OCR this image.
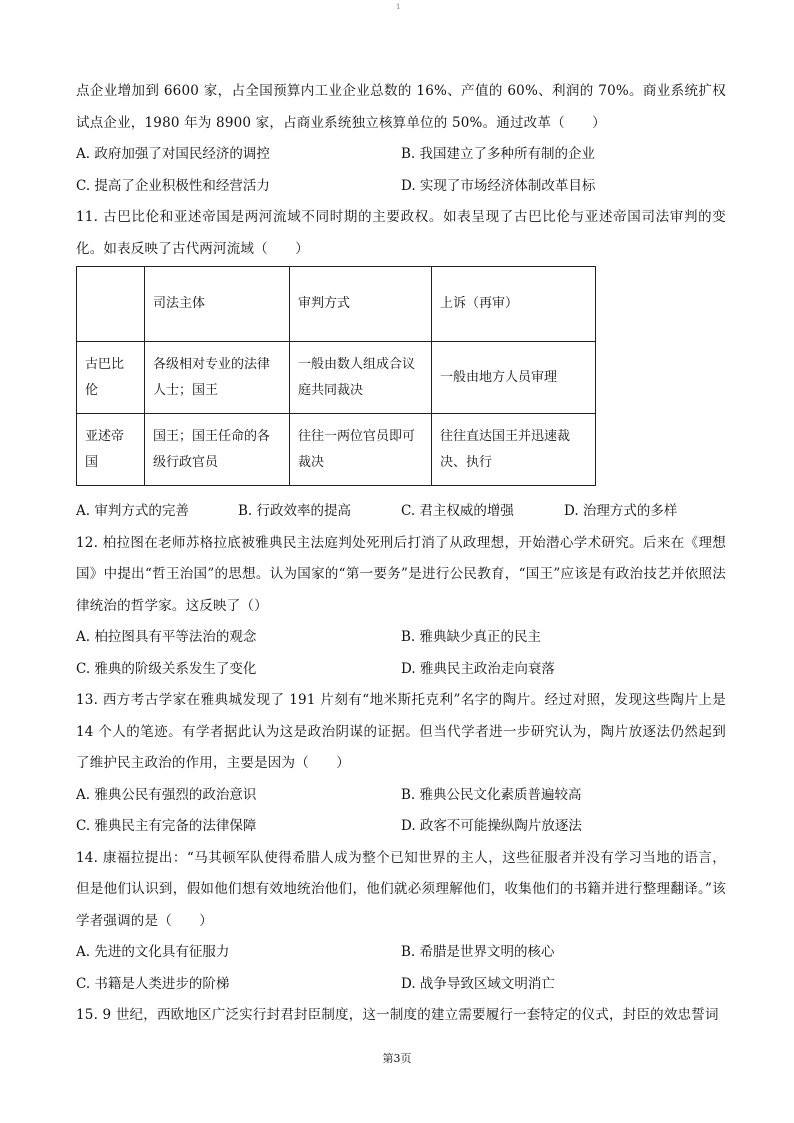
1

点企业增加到 6600 家，占全国预算内工业企业总数的 16%、产值的 60%、利润的 70%。商业系统扩权试点企业，1980 年为 8900 家，占商业系统独立核算单位的 50%。通过改革（　　）

A. 政府加强了对国民经济的调控	B. 我国建立了多种所有制的企业
C. 提高了企业积极性和经营活力	D. 实现了市场经济体制改革目标

11. 古巴比伦和亚述帝国是两河流域不同时期的主要政权。如表呈现了古巴比伦与亚述帝国司法审判的变化。如表反映了古代两河流域（　　）

	司法主体	审判方式	上诉（再审）
古巴比伦	各级相对专业的法律人士；国王	一般由数人组成合议庭共同裁决	一般由地方人员审理
亚述帝国	国王；国王任命的各级行政官员	往往一两位官员即可裁决	往往直达国王并迅速裁决、执行
A. 审判方式的完善	B. 行政效率的提高	C. 君主权威的增强	D. 治理方式的多样

12. 柏拉图在老师苏格拉底被雅典民主法庭判处死刑后打消了从政理想，开始潜心学术研究。后来在《理想国》中提出“哲王治国”的思想。认为国家的“第一要务”是进行公民教育，“国王”应该是有政治技艺并依照法律统治的哲学家。这反映了（）

A. 柏拉图具有平等法治的观念	B. 雅典缺少真正的民主
C. 雅典的阶级关系发生了变化	D. 雅典民主政治走向衰落

13. 西方考古学家在雅典城发现了 191 片刻有“地米斯托克利”名字的陶片。经过对照，发现这些陶片上是 14 个人的笔迹。有学者据此认为这是政治阴谋的证据。但当代学者进一步研究认为，陶片放逐法仍然起到了维护民主政治的作用，主要是因为（　　）

A. 雅典公民有强烈的政治意识	B. 雅典公民文化素质普遍较高
C. 雅典民主有完备的法律保障	D. 政客不可能操纵陶片放逐法

14. 康福拉提出：“马其顿军队使得希腊人成为整个已知世界的主人，这些征服者并没有学习当地的语言，但是他们认识到，假如他们想有效地统治他们，他们就必须理解他们，收集他们的书籍并进行整理翻译。”该学者强调的是（　　）

A. 先进的文化具有征服力	B. 希腊是世界文明的核心
C. 书籍是人类进步的阶梯	D. 战争导致区域文明消亡

15. 9 世纪，西欧地区广泛实行封君封臣制度，这一制度的建立需要履行一套特定的仪式，封臣的效忠誓词

第3页
